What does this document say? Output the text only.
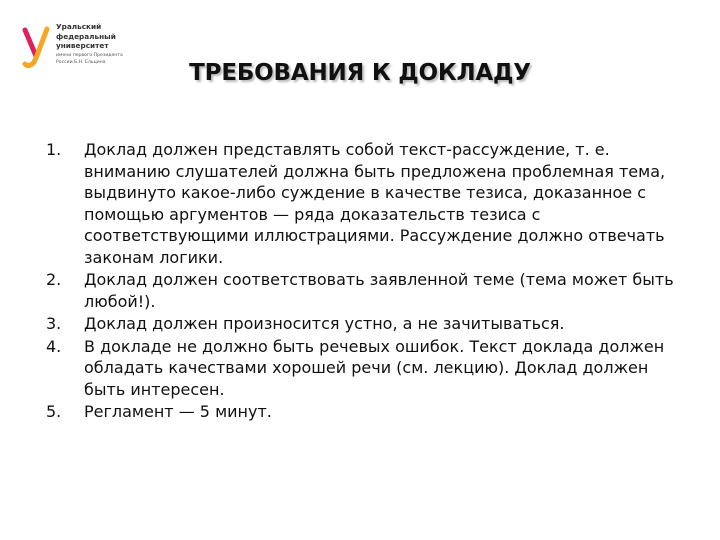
Уральский
федеральный
университет
имени первого Президента
России Б.Н. Ельцина	ТРЕБОВАНИЯ К ДОКЛАДУ
1. Доклад должен представлять собой текст-рассуждение, т. е. вниманию слушателей должна быть предложена проблемная тема, выдвинуто какое-либо суждение в качестве тезиса, доказанное с помощью аргументов — ряда доказательств тезиса с соответствующими иллюстрациями. Рассуждение должно отвечать законам логики.
2. Доклад должен соответствовать заявленной теме (тема может быть любой!).
3. Доклад должен произносится устно, а не зачитываться.
4. В докладе не должно быть речевых ошибок. Текст доклада должен обладать качествами хорошей речи (см. лекцию). Доклад должен быть интересен.
5. Регламент — 5 минут.
